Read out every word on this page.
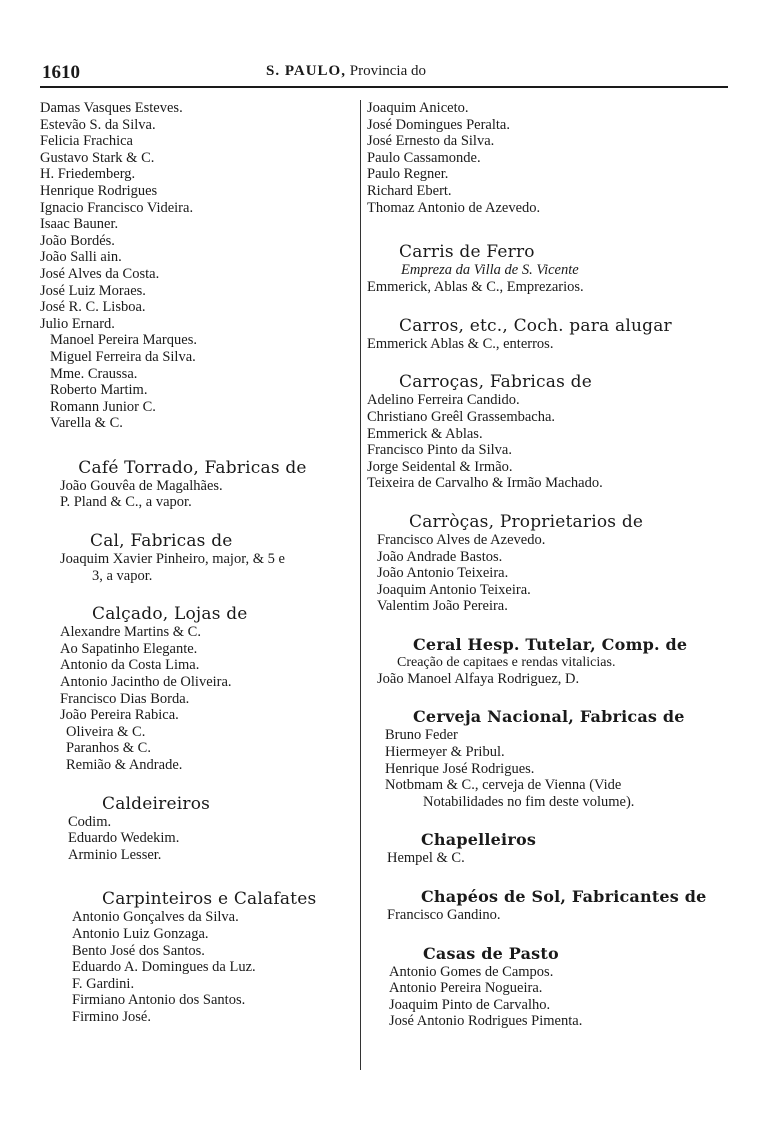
1610	S. PAULO, Provincia do
Damas Vasques Esteves.
Estevão S. da Silva.
Felicia Frachica
Gustavo Stark & C.
H. Friedemberg.
Henrique Rodrigues
Ignacio Francisco Videira.
Isaac Bauner.
João Bordés.
João Salli ain.
José Alves da Costa.
José Luiz Moraes.
José R. C. Lisboa.
Julio Ernard.
Manoel Pereira Marques.
Miguel Ferreira da Silva.
Mme. Craussa.
Roberto Martim.
Romann Junior C.
Varella & C.
Café Torrado, Fabricas de
João Gouvêa de Magalhães.
P. Pland & C., a vapor.
Cal, Fabricas de
Joaquim Xavier Pinheiro, major, & 5 e
3, a vapor.
Calçado, Lojas de
Alexandre Martins & C.
Ao Sapatinho Elegante.
Antonio da Costa Lima.
Antonio Jacintho de Oliveira.
Francisco Dias Borda.
João Pereira Rabica.
Oliveira & C.
Paranhos & C.
Remião & Andrade.
Caldeireiros
Codim.
Eduardo Wedekim.
Arminio Lesser.
Carpinteiros e Calafates
Antonio Gonçalves da Silva.
Antonio Luiz Gonzaga.
Bento José dos Santos.
Eduardo A. Domingues da Luz.
F. Gardini.
Firmiano Antonio dos Santos.
Firmino José.
Joaquim Aniceto.
José Domingues Peralta.
José Ernesto da Silva.
Paulo Cassamonde.
Paulo Regner.
Richard Ebert.
Thomaz Antonio de Azevedo.
Carris de Ferro
Empreza da Villa de S. Vicente
Emmerick, Ablas & C., Emprezarios.
Carros, etc., Coch. para alugar
Emmerick Ablas & C., enterros.
Carroças, Fabricas de
Adelino Ferreira Candido.
Christiano Greêl Grassembacha.
Emmerick & Ablas.
Francisco Pinto da Silva.
Jorge Seidental & Irmão.
Teixeira de Carvalho & Irmão Machado.
Carròças, Proprietarios de
Francisco Alves de Azevedo.
João Andrade Bastos.
João Antonio Teixeira.
Joaquim Antonio Teixeira.
Valentim João Pereira.
Ceral Hesp. Tutelar, Comp. de
Creação de capitaes e rendas vitalicias.
João Manoel Alfaya Rodriguez, D.
Cerveja Nacional, Fabricas de
Bruno Feder
Hiermeyer & Pribul.
Henrique José Rodrigues.
Notbmam & C., cerveja de Vienna (Vide
Notabilidades no fim deste volume).
Chapelleiros
Hempel & C.
Chapéos de Sol, Fabricantes de
Francisco Gandino.
Casas de Pasto
Antonio Gomes de Campos.
Antonio Pereira Nogueira.
Joaquim Pinto de Carvalho.
José Antonio Rodrigues Pimenta.
